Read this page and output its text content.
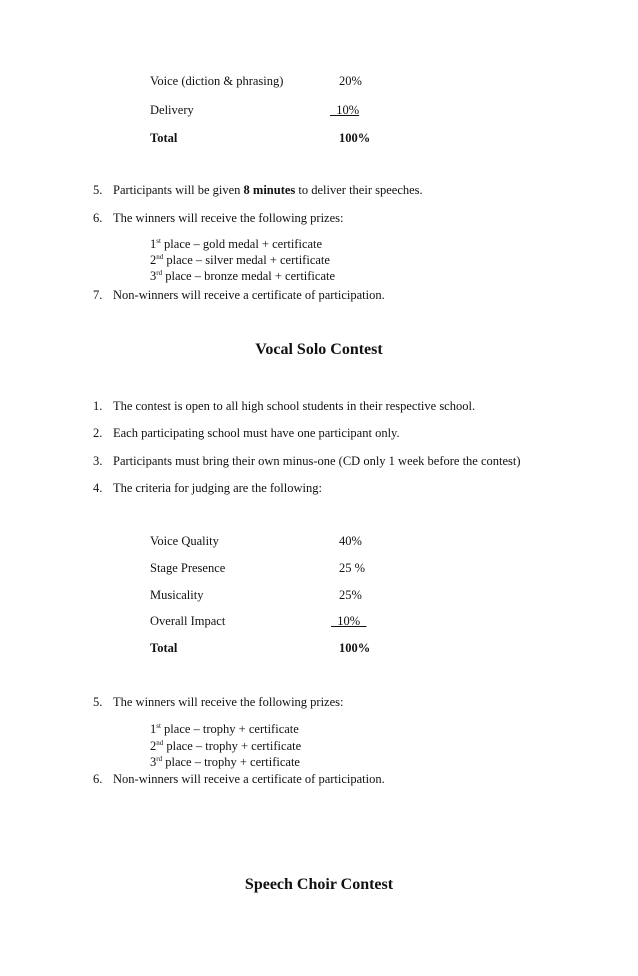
Voice (diction & phrasing)	20%
Delivery	10%
Total	100%
5. Participants will be given 8 minutes to deliver their speeches.
6. The winners will receive the following prizes:
1st place – gold medal + certificate
2nd place – silver medal + certificate
3rd place – bronze medal + certificate
7. Non-winners will receive a certificate of participation.
Vocal Solo Contest
1. The contest is open to all high school students in their respective school.
2. Each participating school must have one participant only.
3. Participants must bring their own minus-one (CD only 1 week before the contest)
4. The criteria for judging are the following:
Voice Quality	40%
Stage Presence	25 %
Musicality	25%
Overall Impact	10%
Total	100%
5. The winners will receive the following prizes:
1st place – trophy + certificate
2nd place – trophy + certificate
3rd place – trophy + certificate
6. Non-winners will receive a certificate of participation.
Speech Choir Contest
